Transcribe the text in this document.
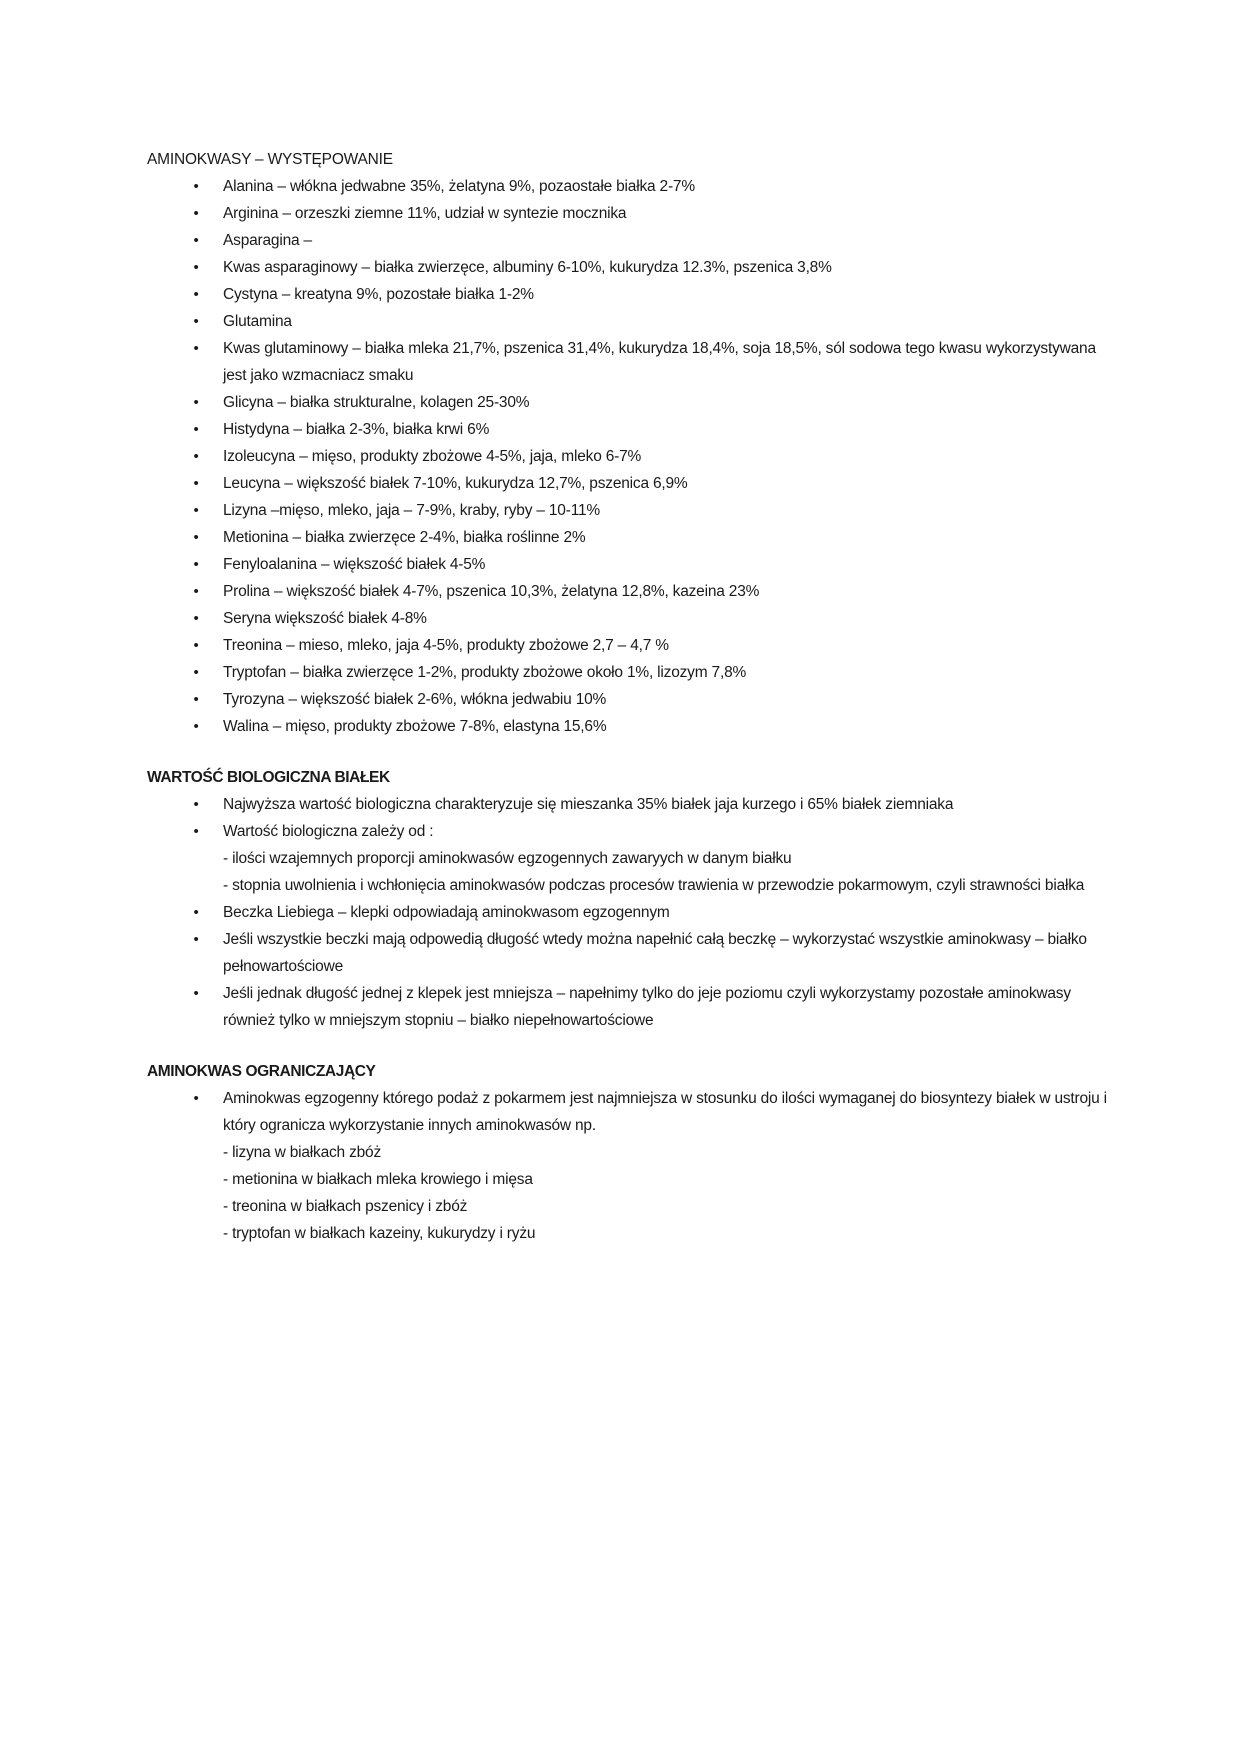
AMINOKWASY – WYSTĘPOWANIE
• Alanina – włókna jedwabne 35%, żelatyna 9%, pozaostałe białka 2-7%
• Arginina – orzeszki ziemne 11%, udział w syntezie mocznika
• Asparagina –
• Kwas asparaginowy – białka zwierzęce, albuminy 6-10%, kukurydza 12.3%, pszenica 3,8%
• Cystyna – kreatyna 9%, pozostałe białka 1-2%
• Glutamina
• Kwas glutaminowy – białka mleka 21,7%, pszenica 31,4%, kukurydza 18,4%, soja 18,5%, sól sodowa tego kwasu wykorzystywana jest jako wzmacniacz smaku
• Glicyna – białka strukturalne, kolagen 25-30%
• Histydyna – białka 2-3%, białka krwi 6%
• Izoleucyna – mięso, produkty zbożowe 4-5%, jaja, mleko 6-7%
• Leucyna – większość białek 7-10%, kukurydza 12,7%, pszenica 6,9%
• Lizyna –mięso, mleko, jaja – 7-9%, kraby, ryby – 10-11%
• Metionina – białka zwierzęce 2-4%, białka roślinne 2%
• Fenyloalanina – większość białek 4-5%
• Prolina – większość białek 4-7%, pszenica 10,3%, żelatyna 12,8%, kazeina 23%
• Seryna większość białek 4-8%
• Treonina – mieso, mleko, jaja 4-5%, produkty zbożowe 2,7 – 4,7 %
• Tryptofan – białka zwierzęce 1-2%, produkty zbożowe około 1%, lizozym 7,8%
• Tyrozyna – większość białek 2-6%, włókna jedwabiu 10%
• Walina – mięso, produkty zbożowe 7-8%, elastyna 15,6%
WARTOŚĆ BIOLOGICZNA BIAŁEK
• Najwyższa wartość biologiczna charakteryzuje się mieszanka 35% białek jaja kurzego i 65% białek ziemniaka
• Wartość biologiczna zależy od :
- ilości wzajemnych proporcji aminokwasów egzogennych zawaryych w danym białku
- stopnia uwolnienia i wchłonięcia aminokwasów podczas procesów trawienia w przewodzie pokarmowym, czyli strawności białka
• Beczka Liebiega – klepki odpowiadają aminokwasom egzogennym
• Jeśli wszystkie beczki mają odpowedią długość wtedy można napełnić całą beczkę – wykorzystać wszystkie aminokwasy – białko pełnowartościowe
• Jeśli jednak długość jednej z klepek jest mniejsza – napełnimy tylko do jeje poziomu czyli wykorzystamy pozostałe aminokwasy również tylko w mniejszym stopniu – białko niepełnowartościowe
AMINOKWAS OGRANICZAJĄCY
• Aminokwas egzogenny którego podaż z pokarmem jest najmniejsza w stosunku do ilości wymaganej do biosyntezy białek w ustroju i który ogranicza wykorzystanie innych aminokwasów np.
- lizyna w białkach zbóż
- metionina w białkach mleka krowiego i mięsa
- treonina w białkach pszenicy i zbóż
- tryptofan w białkach kazeiny, kukurydzy i ryżu
